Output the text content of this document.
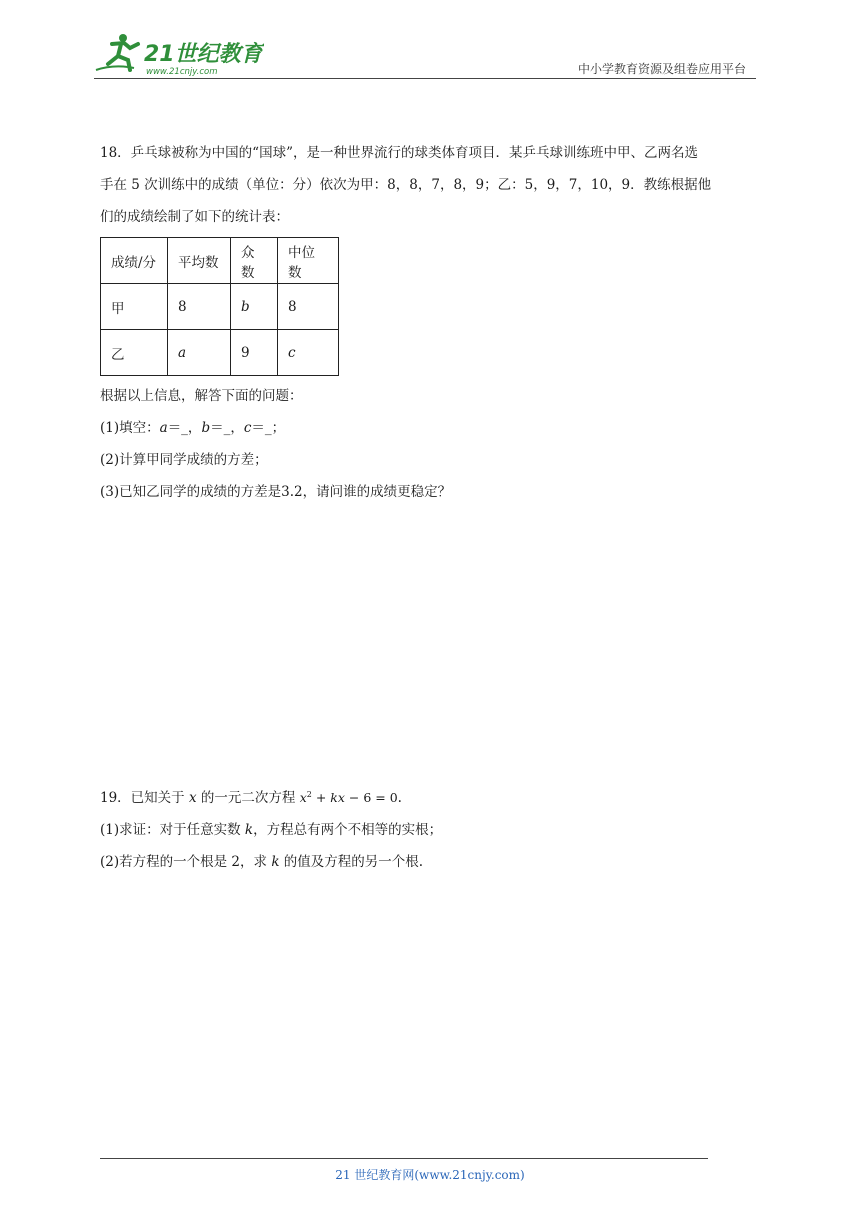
21世纪教育
www.21cnjy.com	中小学教育资源及组卷应用平台
18．乒乓球被称为中国的“国球”，是一种世界流行的球类体育项目．某乒乓球训练班中甲、乙两名选
手在 5 次训练中的成绩（单位：分）依次为甲：8，8，7，8，9；乙：5，9，7，10，9．教练根据他
们的成绩绘制了如下的统计表：
成绩/分	平均数	众数	中位数
甲	8	b	8
乙	a	9	c
根据以上信息，解答下面的问题：
(1)填空：a＝_，b＝_，c＝_；
(2)计算甲同学成绩的方差；
(3)已知乙同学的成绩的方差是3.2，请问谁的成绩更稳定？
19．已知关于 x 的一元二次方程 $x^2$ + kx − 6 = 0.
(1)求证：对于任意实数 k，方程总有两个不相等的实根；
(2)若方程的一个根是 2，求 k 的值及方程的另一个根.
21 世纪教育网(www.21cnjy.com)
